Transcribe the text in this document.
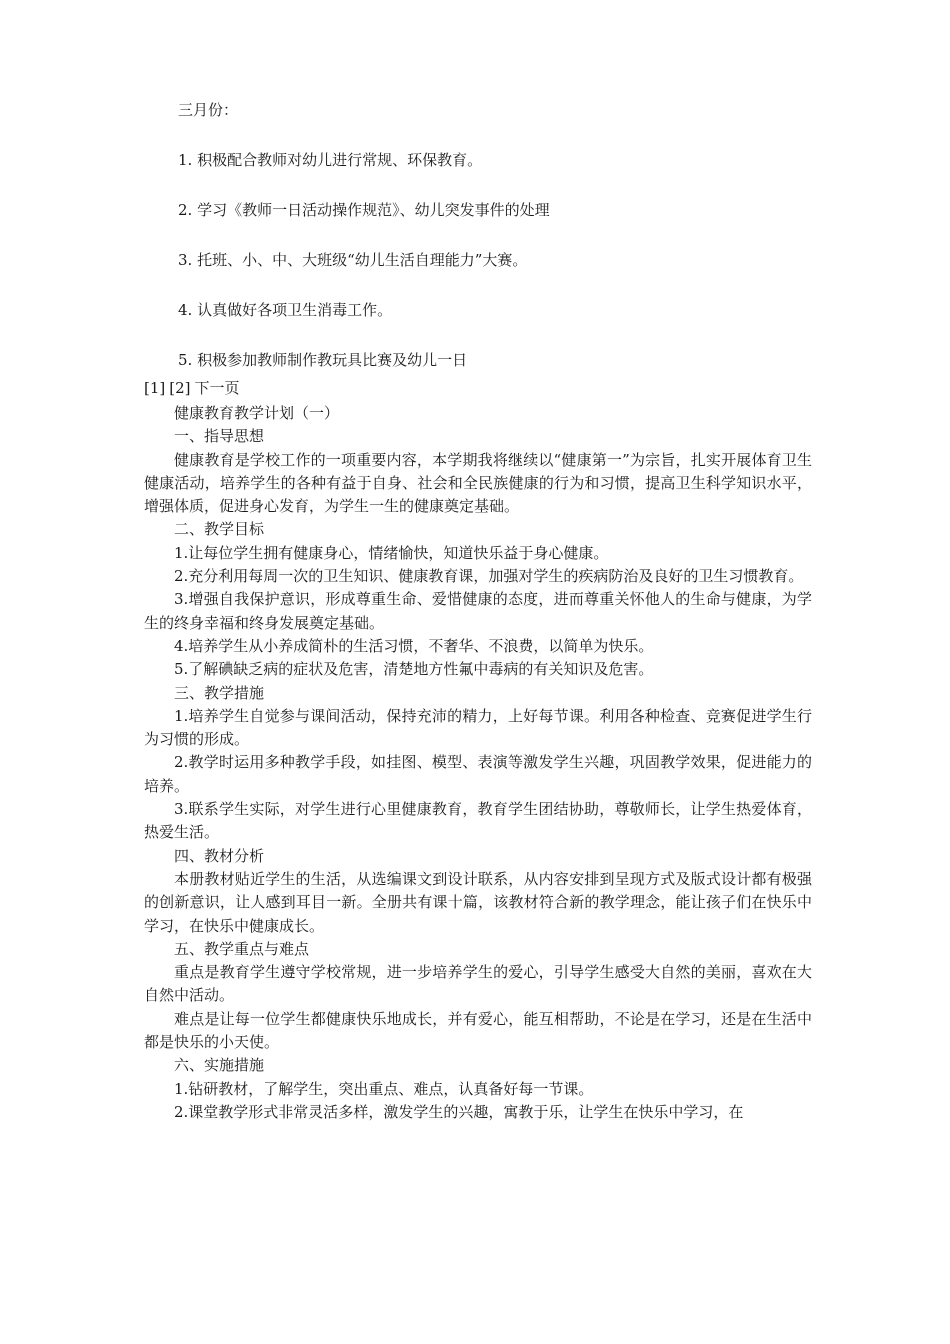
三月份：

1. 积极配合教师对幼儿进行常规、环保教育。

2. 学习《教师一日活动操作规范》、幼儿突发事件的处理

3. 托班、小、中、大班级“幼儿生活自理能力”大赛。

4. 认真做好各项卫生消毒工作。

5. 积极参加教师制作教玩具比赛及幼儿一日

[1] [2] 下一页

健康教育教学计划（一）

一、指导思想

健康教育是学校工作的一项重要内容，本学期我将继续以“健康第一”为宗旨，扎实开展体育卫生健康活动，培养学生的各种有益于自身、社会和全民族健康的行为和习惯，提高卫生科学知识水平，增强体质，促进身心发育，为学生一生的健康奠定基础。

二、教学目标

1.让每位学生拥有健康身心，情绪愉快，知道快乐益于身心健康。

2.充分利用每周一次的卫生知识、健康教育课，加强对学生的疾病防治及良好的卫生习惯教育。

3.增强自我保护意识，形成尊重生命、爱惜健康的态度，进而尊重关怀他人的生命与健康，为学生的终身幸福和终身发展奠定基础。

4.培养学生从小养成简朴的生活习惯，不奢华、不浪费，以简单为快乐。

5.了解碘缺乏病的症状及危害，清楚地方性氟中毒病的有关知识及危害。

三、教学措施

1.培养学生自觉参与课间活动，保持充沛的精力，上好每节课。利用各种检查、竞赛促进学生行为习惯的形成。

2.教学时运用多种教学手段，如挂图、模型、表演等激发学生兴趣，巩固教学效果，促进能力的培养。

3.联系学生实际，对学生进行心里健康教育，教育学生团结协助，尊敬师长，让学生热爱体育，热爱生活。

四、教材分析

本册教材贴近学生的生活，从选编课文到设计联系，从内容安排到呈现方式及版式设计都有极强的创新意识，让人感到耳目一新。全册共有课十篇，该教材符合新的教学理念，能让孩子们在快乐中学习，在快乐中健康成长。

五、教学重点与难点

重点是教育学生遵守学校常规，进一步培养学生的爱心，引导学生感受大自然的美丽，喜欢在大自然中活动。

难点是让每一位学生都健康快乐地成长，并有爱心，能互相帮助，不论是在学习，还是在生活中都是快乐的小天使。

六、实施措施

1.钻研教材，了解学生，突出重点、难点，认真备好每一节课。

2.课堂教学形式非常灵活多样，激发学生的兴趣，寓教于乐，让学生在快乐中学习，在
